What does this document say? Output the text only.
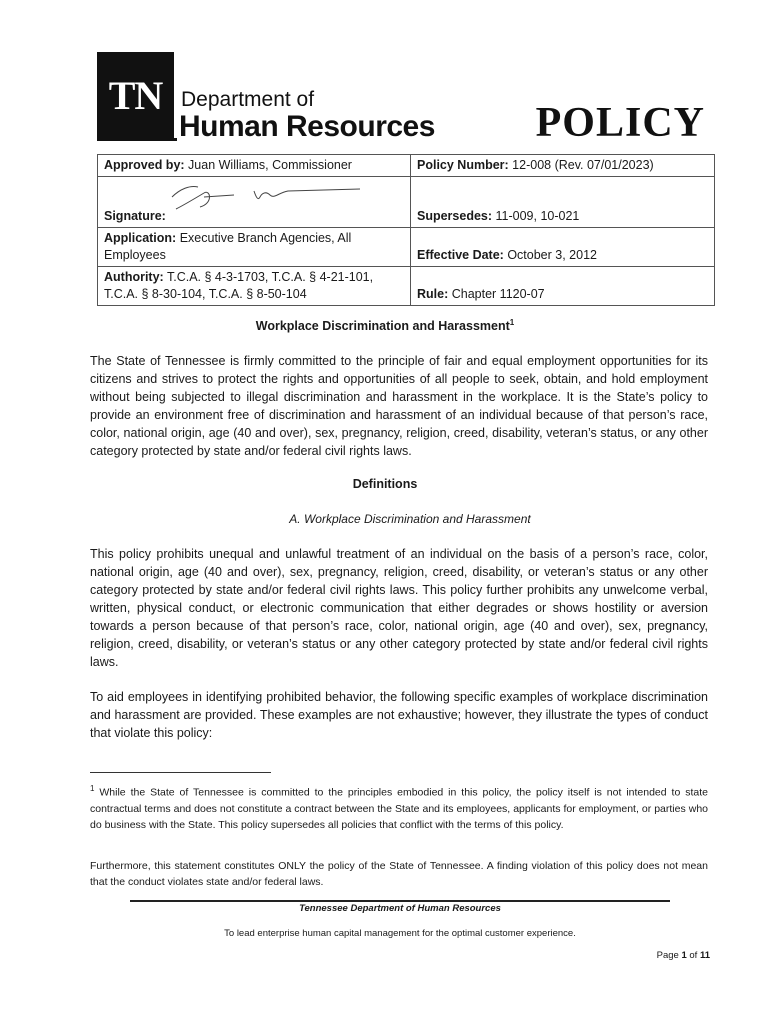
TN Department of
Human Resources POLICY
Approved by: Juan Williams, Commissioner	Policy Number: 12-008 (Rev. 07/01/2023)

Signature:	Supersedes: 11-009, 10-021
Application: Executive Branch Agencies, All Employees	Effective Date: October 3, 2012
Authority: T.C.A. § 4-3-1703, T.C.A. § 4-21-101, T.C.A. § 8-30-104, T.C.A. § 8-50-104	Rule: Chapter 1120-07
Workplace Discrimination and Harassment$^1$

The State of Tennessee is firmly committed to the principle of fair and equal employment opportunities for its citizens and strives to protect the rights and opportunities of all people to seek, obtain, and hold employment without being subjected to illegal discrimination and harassment in the workplace. It is the State’s policy to provide an environment free of discrimination and harassment of an individual because of that person’s race, color, national origin, age (40 and over), sex, pregnancy, religion, creed, disability, veteran’s status, or any other category protected by state and/or federal civil rights laws.

Definitions
A. Workplace Discrimination and Harassment

This policy prohibits unequal and unlawful treatment of an individual on the basis of a person’s race, color, national origin, age (40 and over), sex, pregnancy, religion, creed, disability, or veteran’s status or any other category protected by state and/or federal civil rights laws. This policy further prohibits any unwelcome verbal, written, physical conduct, or electronic communication that either degrades or shows hostility or aversion towards a person because of that person’s race, color, national origin, age (40 and over), sex, pregnancy, religion, creed, disability, or veteran’s status or any other category protected by state and/or federal civil rights laws.

To aid employees in identifying prohibited behavior, the following specific examples of workplace discrimination and harassment are provided. These examples are not exhaustive; however, they illustrate the types of conduct that violate this policy:

$^1$ While the State of Tennessee is committed to the principles embodied in this policy, the policy itself is not intended to state contractual terms and does not constitute a contract between the State and its employees, applicants for employment, or parties who do business with the State. This policy supersedes all policies that conflict with the terms of this policy.

Furthermore, this statement constitutes ONLY the policy of the State of Tennessee. A finding violation of this policy does not mean that the conduct violates state and/or federal laws.

Tennessee Department of Human Resources
To lead enterprise human capital management for the optimal customer experience.
Page 1 of 11
